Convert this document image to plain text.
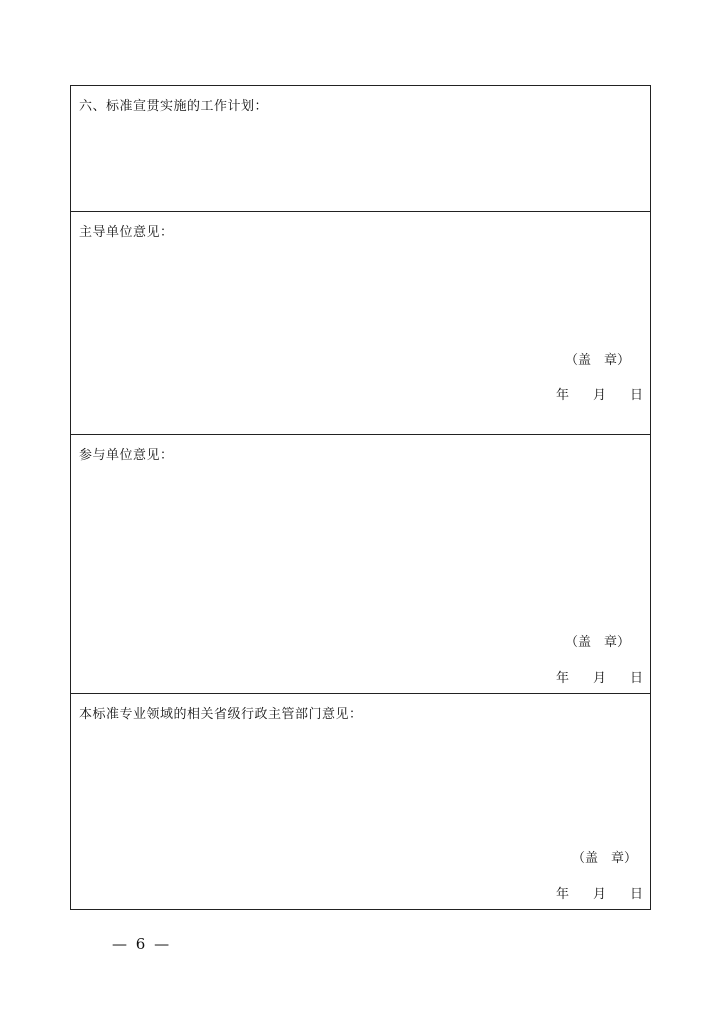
六、标准宣贯实施的工作计划：
主导单位意见：
（盖 章）
年 月 日
参与单位意见：
（盖 章）
年 月 日
本标准专业领域的相关省级行政主管部门意见：
（盖 章）
年 月 日
— 6 —
